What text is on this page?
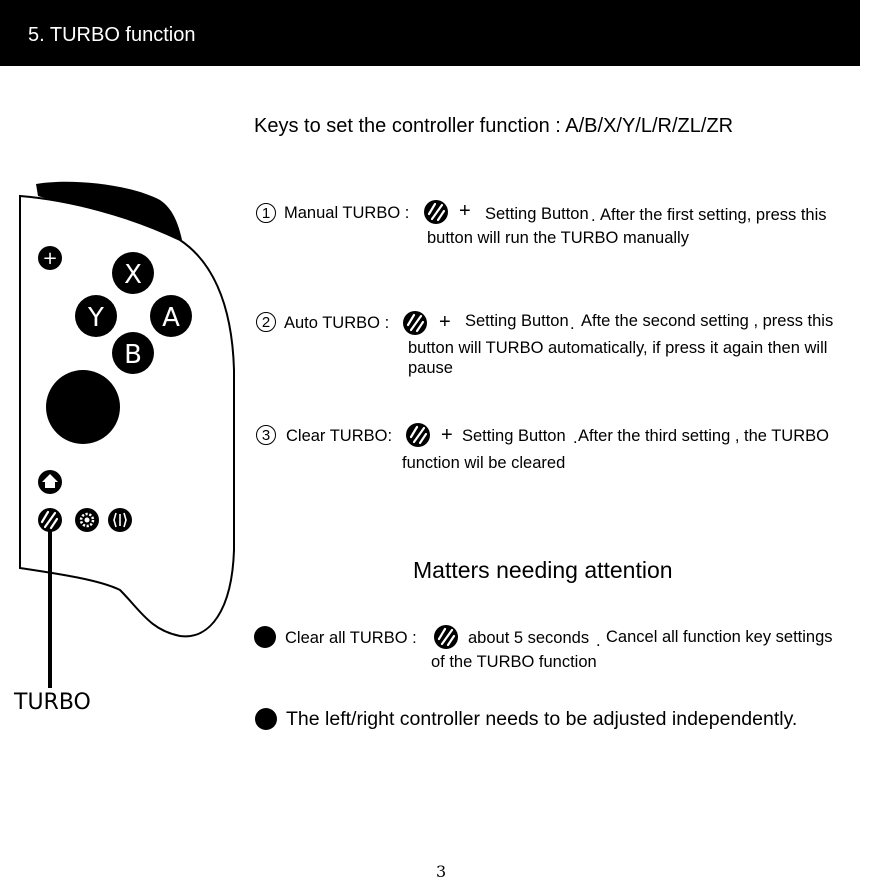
5. TURBO function
+
X
Y A
B
TURBO
Keys to set the controller function : A/B/X/Y/L/R/ZL/ZR
1 Manual TURBO : + Setting Button . After the first setting, press this
button will run the TURBO manually
2 Auto TURBO : + Setting Button . Afte the second setting , press this
button will TURBO automatically, if press it again then will
pause
3 Clear TURBO: + Setting Button . After the third setting , the TURBO
function wil be cleared
Matters needing attention
Clear all TURBO :	about 5 seconds . Cancel all function key settings
of the TURBO function
The left/right controller needs to be adjusted independently.
3
